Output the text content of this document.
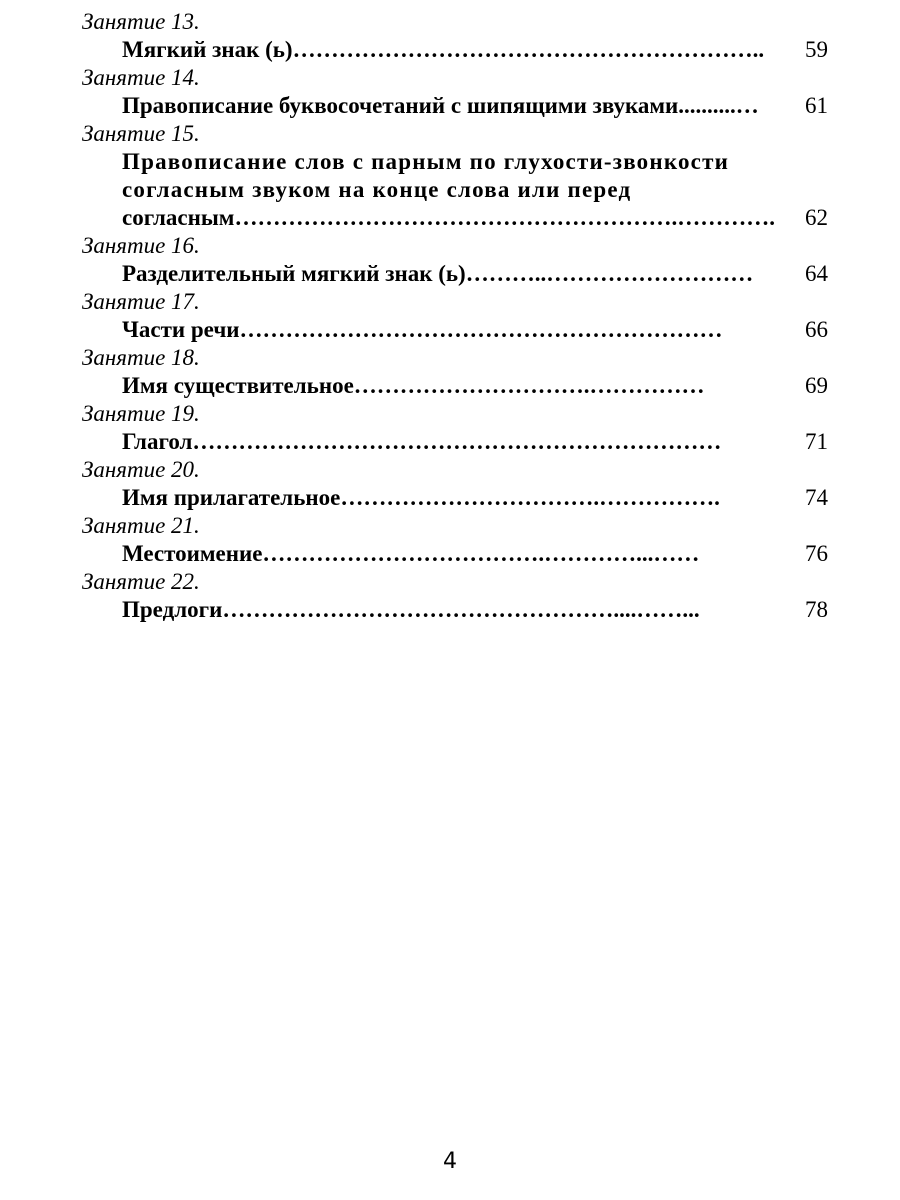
Занятие 13.
Мягкий знак (ь)……………………………………………………..	59
Занятие 14.
Правописание буквосочетаний с шипящими звуками..........…	61
Занятие 15.
Правописание слов с парным по глухости-звонкости
согласным звуком на конце слова или перед
согласным………………………………………………….………….	62
Занятие 16.
Разделительный мягкий знак (ь)………..………………………	64
Занятие 17.
Части речи………………………………………………………	66
Занятие 18.
Имя существительное………………………….……………	69
Занятие 19.
Глагол……………………………………………………………	71
Занятие 20.
Имя прилагательное…………………………….…………….	74
Занятие 21.
Местоимение……………………………….…………...……	76
Занятие 22.
Предлоги……………………………………………....……...	78
4
